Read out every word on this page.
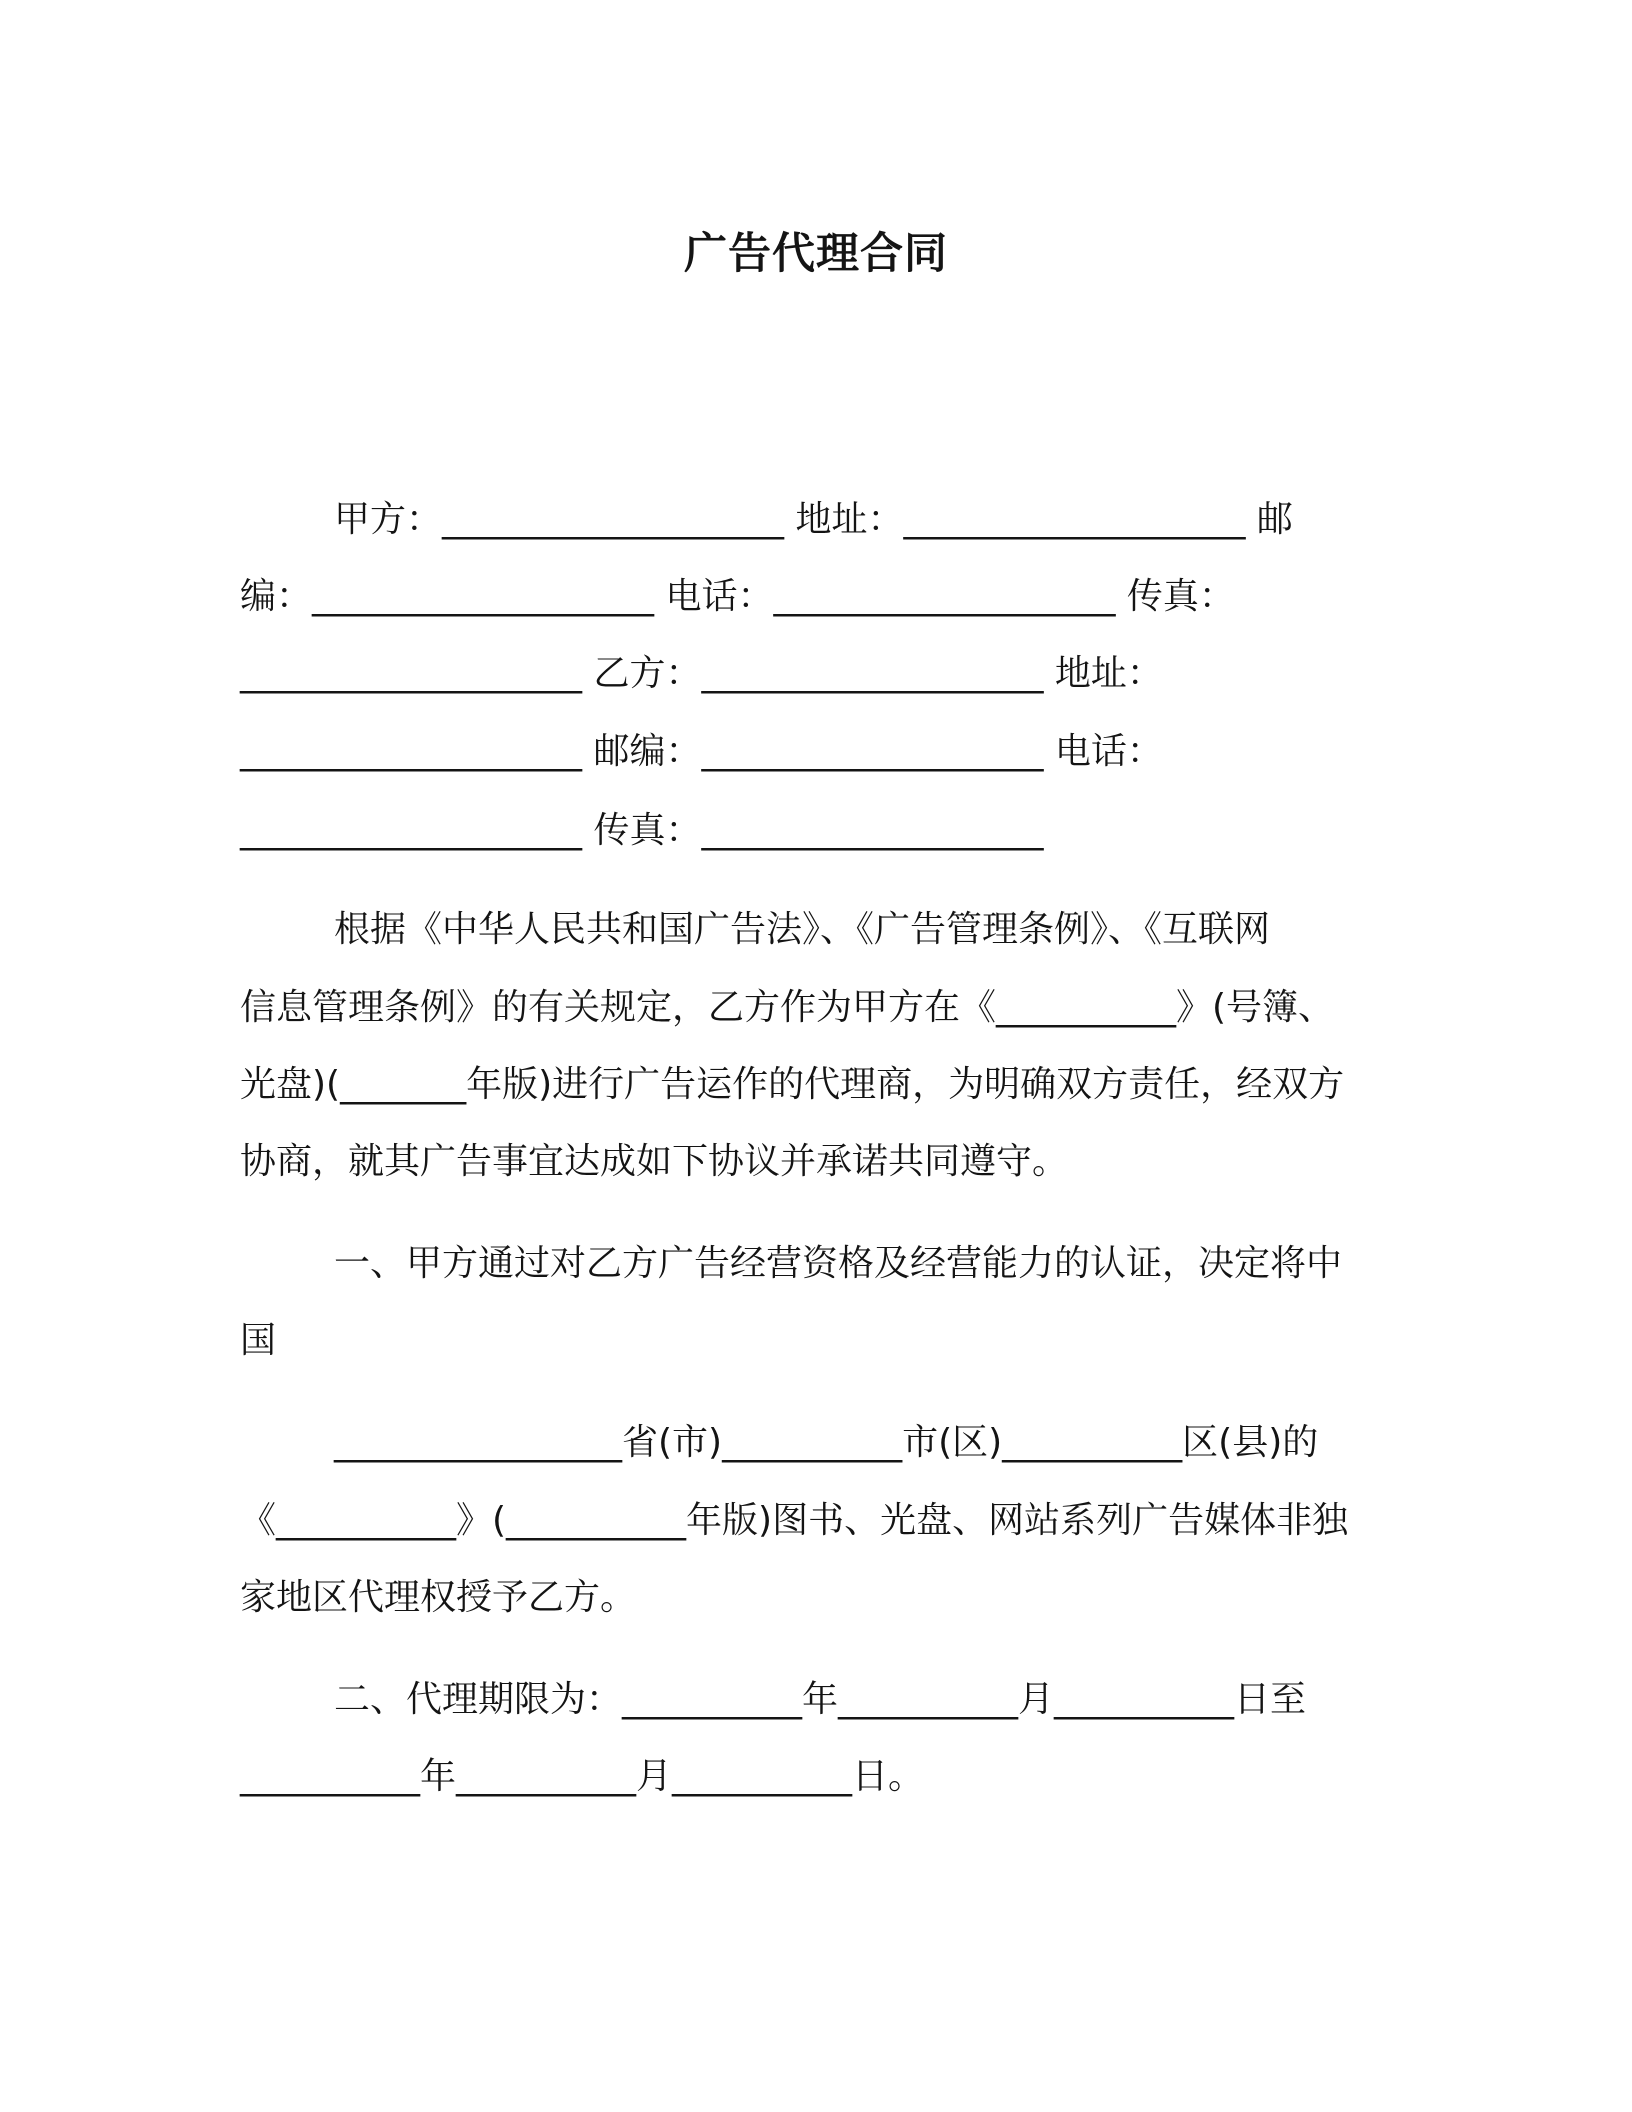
广告代理合同
甲方：___________________ 地址：___________________ 邮
编：___________________ 电话：___________________ 传真：
___________________ 乙方：___________________ 地址：
___________________ 邮编：___________________ 电话：
___________________ 传真：___________________
根据《中华人民共和国广告法》、《广告管理条例》、《互联网
信息管理条例》的有关规定，乙方作为甲方在《__________》(号簿、
光盘)(_______年版)进行广告运作的代理商，为明确双方责任，经双方
协商，就其广告事宜达成如下协议并承诺共同遵守。
一、甲方通过对乙方广告经营资格及经营能力的认证，决定将中
国
________________省(市)__________市(区)__________区(县)的
《__________》(__________年版)图书、光盘、网站系列广告媒体非独
家地区代理权授予乙方。
二、代理期限为：__________年__________月__________日至
__________年__________月__________日。
